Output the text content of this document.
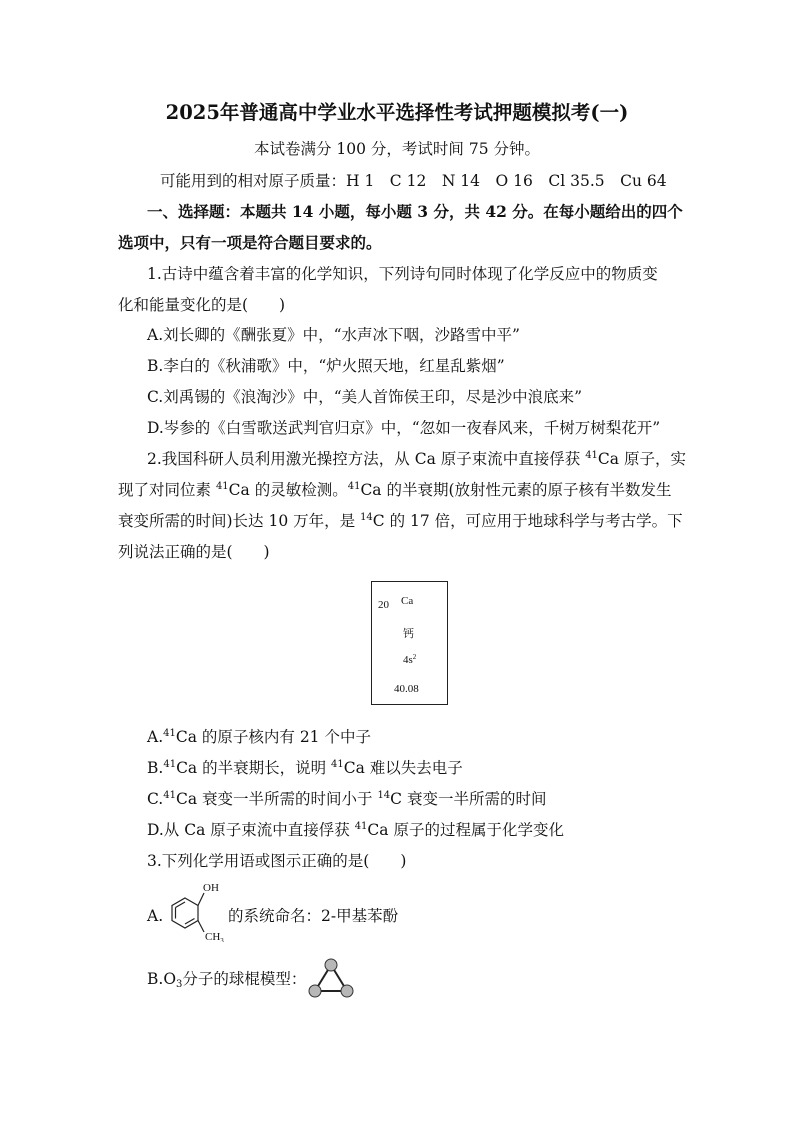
2025年普通高中学业水平选择性考试押题模拟考(一)
本试卷满分 100 分，考试时间 75 分钟。
可能用到的相对原子质量：H 1　C 12　N 14　O 16　Cl 35.5　Cu 64
一、选择题：本题共 14 小题，每小题 3 分，共 42 分。在每小题给出的四个
选项中，只有一项是符合题目要求的。
1.古诗中蕴含着丰富的化学知识，下列诗句同时体现了化学反应中的物质变
化和能量变化的是(　　)
A.刘长卿的《酬张夏》中，“水声冰下咽，沙路雪中平”
B.李白的《秋浦歌》中，“炉火照天地，红星乱紫烟”
C.刘禹锡的《浪淘沙》中，“美人首饰侯王印，尽是沙中浪底来”
D.岑参的《白雪歌送武判官归京》中，“忽如一夜春风来，千树万树梨花开”
2.我国科研人员利用激光操控方法，从 Ca 原子束流中直接俘获 $^{41}$Ca 原子，实
现了对同位素 $^{41}$Ca 的灵敏检测。$^{41}$Ca 的半衰期(放射性元素的原子核有半数发生
衰变所需的时间)长达 10 万年，是 $^{14}$C 的 17 倍，可应用于地球科学与考古学。下
列说法正确的是(　　)
20 Ca
钙
$4s^2$
40.08
A.$^{41}$Ca 的原子核内有 21 个中子
B.$^{41}$Ca 的半衰期长，说明 $^{41}$Ca 难以失去电子
C.$^{41}$Ca 衰变一半所需的时间小于 $^{14}$C 衰变一半所需的时间
D.从 Ca 原子束流中直接俘获 $^{41}$Ca 原子的过程属于化学变化
3.下列化学用语或图示正确的是(　　)
A.
OH
$CH_3$
的系统命名：2-甲基苯酚
$B.O_3$分子的球棍模型：
